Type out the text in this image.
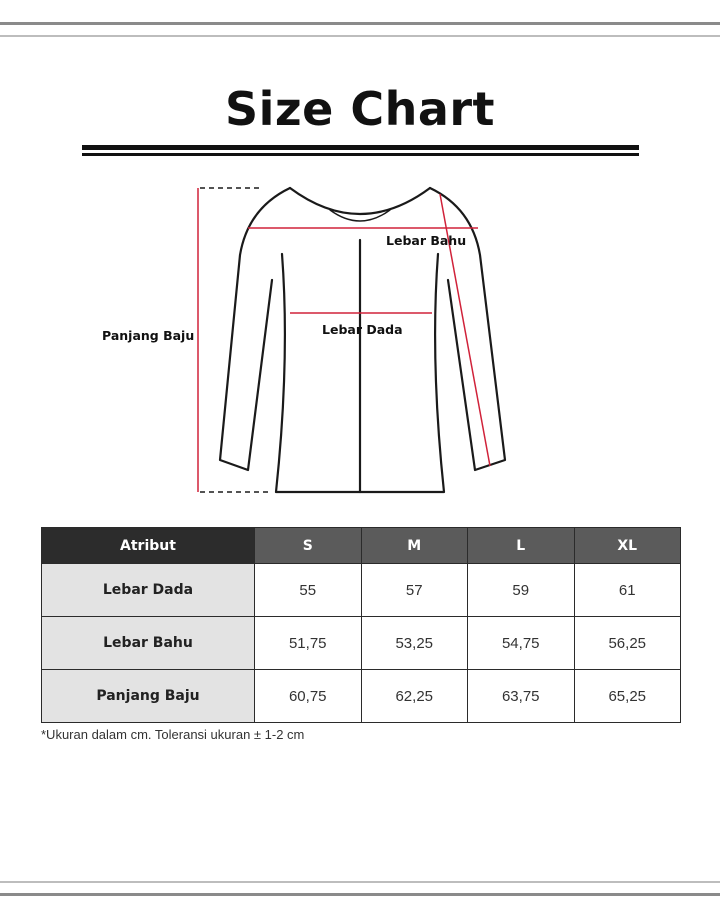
Size Chart
Lebar Bahu
Lebar Dada
Panjang Baju
Atribut	S	M	L	XL
Lebar Dada	55	57	59	61
Lebar Bahu	51,75	53,25	54,75	56,25
Panjang Baju	60,75	62,25	63,75	65,25
*Ukuran dalam cm. Toleransi ukuran ± 1-2 cm
